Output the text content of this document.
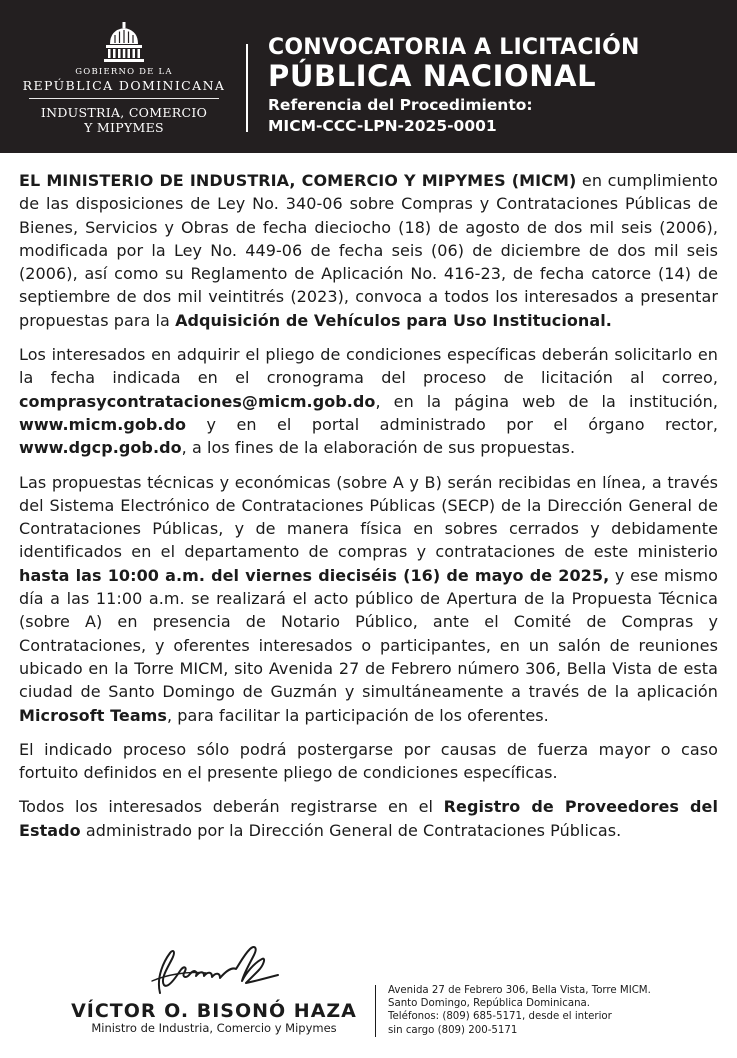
GOBIERNO DE LA
REPÚBLICA DOMINICANA
INDUSTRIA, COMERCIO
Y MIPYMES
CONVOCATORIA A LICITACIÓN
PÚBLICA NACIONAL
Referencia del Procedimiento:
MICM-CCC-LPN-2025-0001

EL MINISTERIO DE INDUSTRIA, COMERCIO Y MIPYMES (MICM) en cumplimiento de las disposiciones de Ley No. 340-06 sobre Compras y Contrataciones Públicas de Bienes, Servicios y Obras de fecha dieciocho (18) de agosto de dos mil seis (2006), modificada por la Ley No. 449-06 de fecha seis (06) de diciembre de dos mil seis (2006), así como su Reglamento de Aplicación No. 416-23, de fecha catorce (14) de septiembre de dos mil veintitrés (2023), convoca a todos los interesados a presentar propuestas para la Adquisición de Vehículos para Uso Institucional.

Los interesados en adquirir el pliego de condiciones específicas deberán solicitarlo en la fecha indicada en el cronograma del proceso de licitación al correo, comprasycontrataciones@micm.gob.do, en la página web de la institución, www.micm.gob.do y en el portal administrado por el órgano rector, www.dgcp.gob.do, a los fines de la elaboración de sus propuestas.

Las propuestas técnicas y económicas (sobre A y B) serán recibidas en línea, a través del Sistema Electrónico de Contrataciones Públicas (SECP) de la Dirección General de Contrataciones Públicas, y de manera física en sobres cerrados y debidamente identificados en el departamento de compras y contrataciones de este ministerio hasta las 10:00 a.m. del viernes dieciséis (16) de mayo de 2025, y ese mismo día a las 11:00 a.m. se realizará el acto público de Apertura de la Propuesta Técnica (sobre A) en presencia de Notario Público, ante el Comité de Compras y Contrataciones, y oferentes interesados o participantes, en un salón de reuniones ubicado en la Torre MICM, sito Avenida 27 de Febrero número 306, Bella Vista de esta ciudad de Santo Domingo de Guzmán y simultáneamente a través de la aplicación Microsoft Teams, para facilitar la participación de los oferentes.

El indicado proceso sólo podrá postergarse por causas de fuerza mayor o caso fortuito definidos en el presente pliego de condiciones específicas.

Todos los interesados deberán registrarse en el Registro de Proveedores del Estado administrado por la Dirección General de Contrataciones Públicas.

VÍCTOR O. BISONÓ HAZA
Ministro de Industria, Comercio y Mipymes
Avenida 27 de Febrero 306, Bella Vista, Torre MICM.
Santo Domingo, República Dominicana.
Teléfonos: (809) 685-5171, desde el interior
sin cargo (809) 200-5171
